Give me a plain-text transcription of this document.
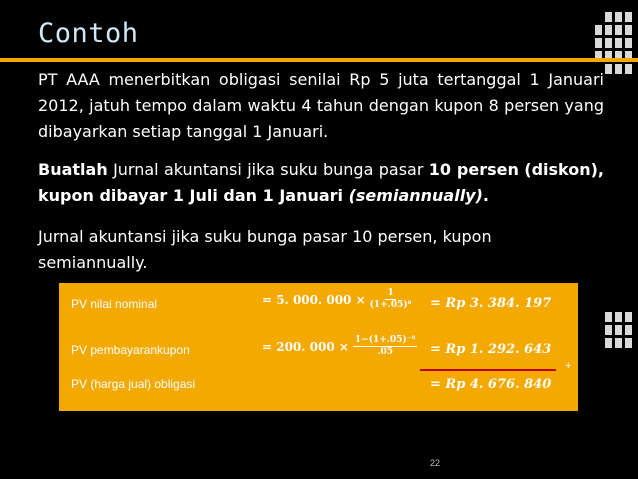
Contoh
PT AAA menerbitkan obligasi senilai Rp 5 juta tertanggal 1 Januari 2012, jatuh tempo dalam waktu 4 tahun dengan kupon 8 persen yang dibayarkan setiap tanggal 1 Januari.
Buatlah Jurnal akuntansi jika suku bunga pasar 10 persen (diskon), kupon dibayar 1 Juli dan 1 Januari (semiannually).
Jurnal akuntansi jika suku bunga pasar 10 persen, kupon semiannually.
PV nilai nominal	= 5. 000. $000 \times \frac{1}{\text{(1+.05)⁸}} = Rp$ 3. 384. 197
PV pembayarankupon	= 200. $000 \times \frac{\text{1−(1+.05)⁻⁸}}{.05} = Rp$ 1. 292. 643
+
PV (harga jual) obligasi	= Rp 4. 676. 840
22
